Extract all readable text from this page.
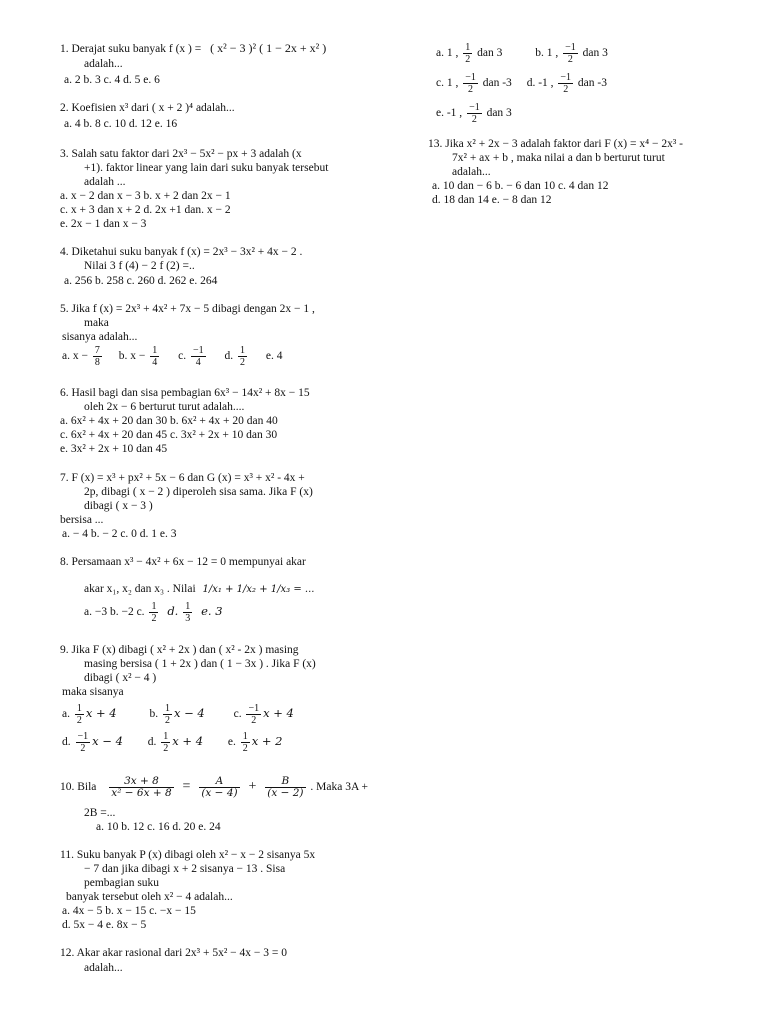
1. Derajat suku banyak f (x ) = ( x² − 3 )² ( 1 − 2x + x² )
adalah...
a. 2 b. 3 c. 4 d. 5 e. 6
2. Koefisien x³ dari ( x + 2 )⁴ adalah...
a. 4 b. 8 c. 10 d. 12 e. 16
3. Salah satu faktor dari 2x³ − 5x² − px + 3 adalah (x
+1). faktor linear yang lain dari suku banyak tersebut
adalah ...
a. x − 2 dan x − 3 b. x + 2 dan 2x − 1
c. x + 3 dan x + 2 d. 2x +1 dan. x − 2
e. 2x − 1 dan x − 3
4. Diketahui suku banyak f (x) = 2x³ − 3x² + 4x − 2 .
Nilai 3 f (4) − 2 f (2) =..
a. 256 b. 258 c. 260 d. 262 e. 264
5. Jika f (x) = 2x³ + 4x² + 7x − 5 dibagi dengan 2x − 1 ,
maka
sisanya adalah...
a. $x - \frac{7}{8} b$. $x - \frac{1}{4} c$. $\frac{-1}{4} d$. $\frac{1}{2} e$. 4
6. Hasil bagi dan sisa pembagian 6x³ − 14x² + 8x − 15
oleh 2x − 6 berturut turut adalah....
a. 6x² + 4x + 20 dan 30 b. 6x² + 4x + 20 dan 40
c. 6x² + 4x + 20 dan 45 c. 3x² + 2x + 10 dan 30
e. 3x² + 2x + 10 dan 45
7. F (x) = x³ + px² + 5x − 6 dan G (x) = x³ + x² - 4x +
2p, dibagi ( x − 2 ) diperoleh sisa sama. Jika F (x)
dibagi ( x − 3 )
bersisa ...
a. − 4 b. − 2 c. 0 d. 1 e. 3
8. Persamaan x³ − 4x² + 6x − 12 = 0 mempunyai akar
akar x₁, x₂ dan x₃ . Nilai 1/x₁ + 1/x₂ + 1/x₃ = ...
a. −3 b. −2 c. $\frac{1}{2} d$. $\frac{1}{3} e$. 3
9. Jika F (x) dibagi ( x² + 2x ) dan ( x² - 2x ) masing
masing bersisa ( 1 + 2x ) dan ( 1 − 3x ) . Jika F (x)
dibagi ( x² − 4 )
maka sisanya
a. $\frac{1}{2}$ x + 4	b. $\frac{1}{2}$ x − 4	c. $\frac{-1}{2}$ x + 4
d. $\frac{-1}{2}$ x − 4 d. $\frac{1}{2}$ x + 4 e. $\frac{1}{2}$ x + 2
10. Bila $\frac{3x + 8}{\text{x² − 6x + 8}} = \frac{A}{(x - 4)} + \frac{B}{(x - 2)}$ . Maka 3A +
2B =...
a. 10 b. 12 c. 16 d. 20 e. 24
11. Suku banyak P (x) dibagi oleh x² − x − 2 sisanya 5x
− 7 dan jika dibagi x + 2 sisanya − 13 . Sisa
pembagian suku
banyak tersebut oleh x² − 4 adalah...
a. 4x − 5 b. x − 15 c. −x − 15
d. 5x − 4 e. 8x − 5
12. Akar akar rasional dari 2x³ + 5x² − 4x − 3 = 0
adalah...
a. 1 , $\frac{1}{2}$ dan 3	b. 1 , $\frac{-1}{2}$ dan 3
c. 1 , $\frac{-1}{2}$ dan -3 d. -1 , $\frac{-1}{2}$ dan -3
e. -1 , $\frac{-1}{2}$ dan 3
13. Jika x² + 2x − 3 adalah faktor dari F (x) = x⁴ − 2x³ -
7x² + ax + b , maka nilai a dan b berturut turut
adalah...
a. 10 dan − 6 b. − 6 dan 10 c. 4 dan 12
d. 18 dan 14 e. − 8 dan 12
